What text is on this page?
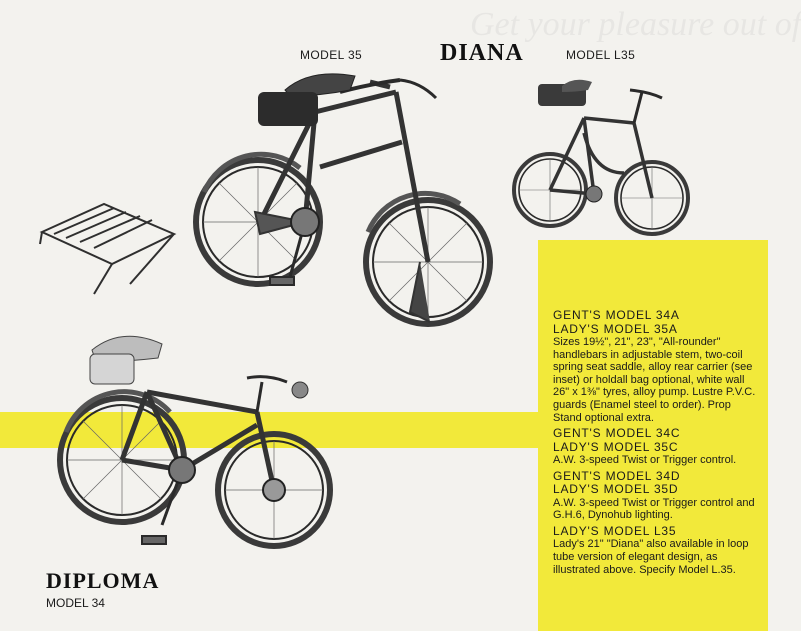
Get your pleasure out of
MODEL 35	DIANA	MODEL L35
DIPLOMA
MODEL 34
GENT'S MODEL 34A
LADY'S MODEL 35A
Sizes 19½", 21", 23", "All-rounder" handlebars in adjustable stem, two-coil spring seat saddle, alloy rear carrier (see inset) or holdall bag optional, white wall 26" x 1⅜" tyres, alloy pump. Lustre P.V.C. guards (Enamel steel to order). Prop Stand optional extra.
GENT'S MODEL 34C
LADY'S MODEL 35C
A.W. 3-speed Twist or Trigger control.
GENT'S MODEL 34D
LADY'S MODEL 35D
A.W. 3-speed Twist or Trigger control and G.H.6, Dynohub lighting.
LADY'S MODEL L35
Lady's 21" "Diana" also available in loop tube version of elegant design, as illustrated above. Specify Model L.35.
